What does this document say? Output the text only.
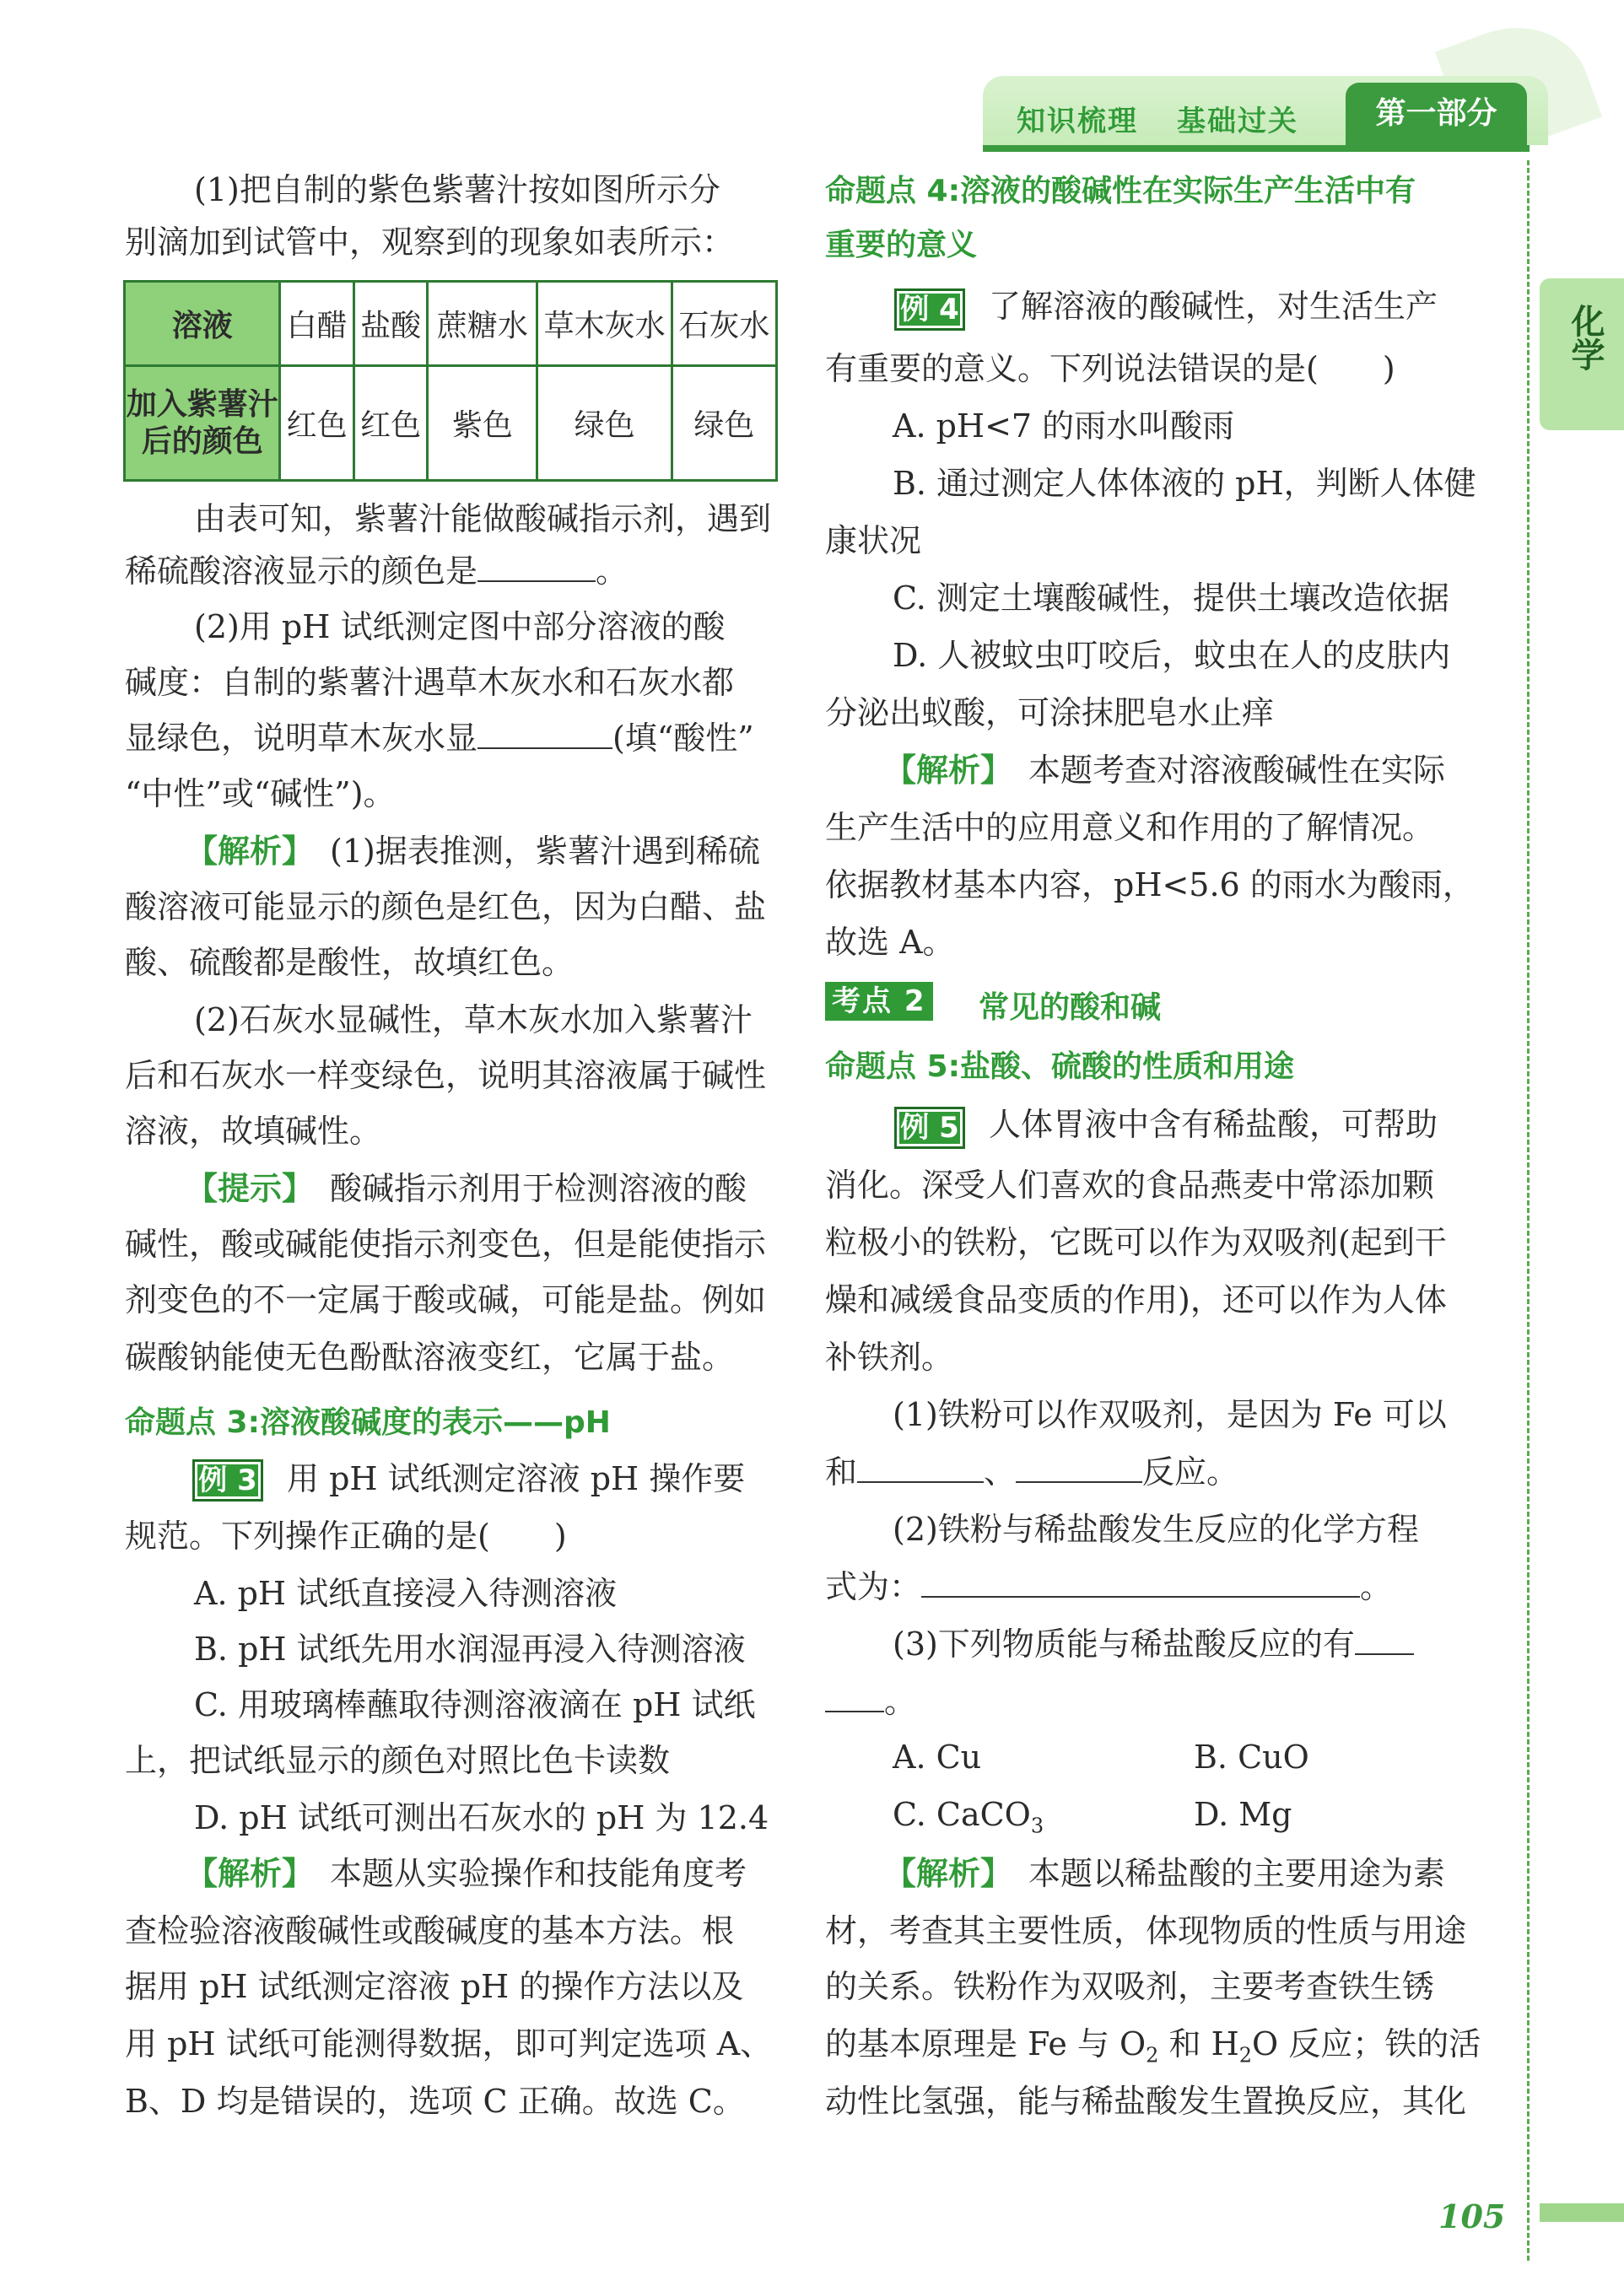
知识梳理 基础过关	第一部分
化学
(1)把自制的紫色紫薯汁按如图所示分
别滴加到试管中，观察到的现象如表所示：
溶液	白醋	盐酸	蔗糖水	草木灰水	石灰水

加入紫薯汁
后的颜色	红色	红色	紫色	绿色	绿色
由表可知，紫薯汁能做酸碱指示剂，遇到
稀硫酸溶液显示的颜色是	。
(2)用 pH 试纸测定图中部分溶液的酸
碱度：自制的紫薯汁遇草木灰水和石灰水都
显绿色，说明草木灰水显	(填“酸性”
“中性”或“碱性”)。
【解析】　 (1)据表推测，紫薯汁遇到稀硫
酸溶液可能显示的颜色是红色，因为白醋、盐
酸、硫酸都是酸性，故填红色。
(2)石灰水显碱性，草木灰水加入紫薯汁
后和石灰水一样变绿色，说明其溶液属于碱性
溶液，故填碱性。
【提示】　 酸碱指示剂用于检测溶液的酸
碱性，酸或碱能使指示剂变色，但是能使指示
剂变色的不一定属于酸或碱，可能是盐。例如
碳酸钠能使无色酚酞溶液变红，它属于盐。
命题点 3:溶液酸碱度的表示——pH
例 3 用 pH 试纸测定溶液 pH 操作要
规范。下列操作正确的是(　　)
A. pH 试纸直接浸入待测溶液
B. pH 试纸先用水润湿再浸入待测溶液
C. 用玻璃棒蘸取待测溶液滴在 pH 试纸
上，把试纸显示的颜色对照比色卡读数
D. pH 试纸可测出石灰水的 pH 为 12.4
【解析】　 本题从实验操作和技能角度考
查检验溶液酸碱性或酸碱度的基本方法。根
据用 pH 试纸测定溶液 pH 的操作方法以及
用 pH 试纸可能测得数据，即可判定选项 A、
B、D 均是错误的，选项 C 正确。故选 C。
命题点 4:溶液的酸碱性在实际生产生活中有
重要的意义
例 4 了解溶液的酸碱性，对生活生产
有重要的意义。下列说法错误的是(　　)
A. pH<7 的雨水叫酸雨
B. 通过测定人体体液的 pH，判断人体健
康状况
C. 测定土壤酸碱性，提供土壤改造依据
D. 人被蚊虫叮咬后，蚊虫在人的皮肤内
分泌出蚁酸，可涂抹肥皂水止痒
【解析】　 本题考查对溶液酸碱性在实际
生产生活中的应用意义和作用的了解情况。
依据教材基本内容，pH<5.6 的雨水为酸雨，
故选 A。
考点 2 常见的酸和碱
命题点 5:盐酸、硫酸的性质和用途
例 5 人体胃液中含有稀盐酸，可帮助
消化。深受人们喜欢的食品燕麦中常添加颗
粒极小的铁粉，它既可以作为双吸剂(起到干
燥和减缓食品变质的作用)，还可以作为人体
补铁剂。
(1)铁粉可以作双吸剂，是因为 Fe 可以
和	、	反应。
(2)铁粉与稀盐酸发生反应的化学方程
式为：	。
(3)下列物质能与稀盐酸反应的有
。
A. Cu	B. CuO
C. CaCO$_3$	D. Mg
【解析】　 本题以稀盐酸的主要用途为素
材，考查其主要性质，体现物质的性质与用途
的关系。铁粉作为双吸剂，主要考查铁生锈
的基本原理是 Fe 与 $O_2$ 和 $H_2O$ 反应；铁的活
动性比氢强，能与稀盐酸发生置换反应，其化
105
